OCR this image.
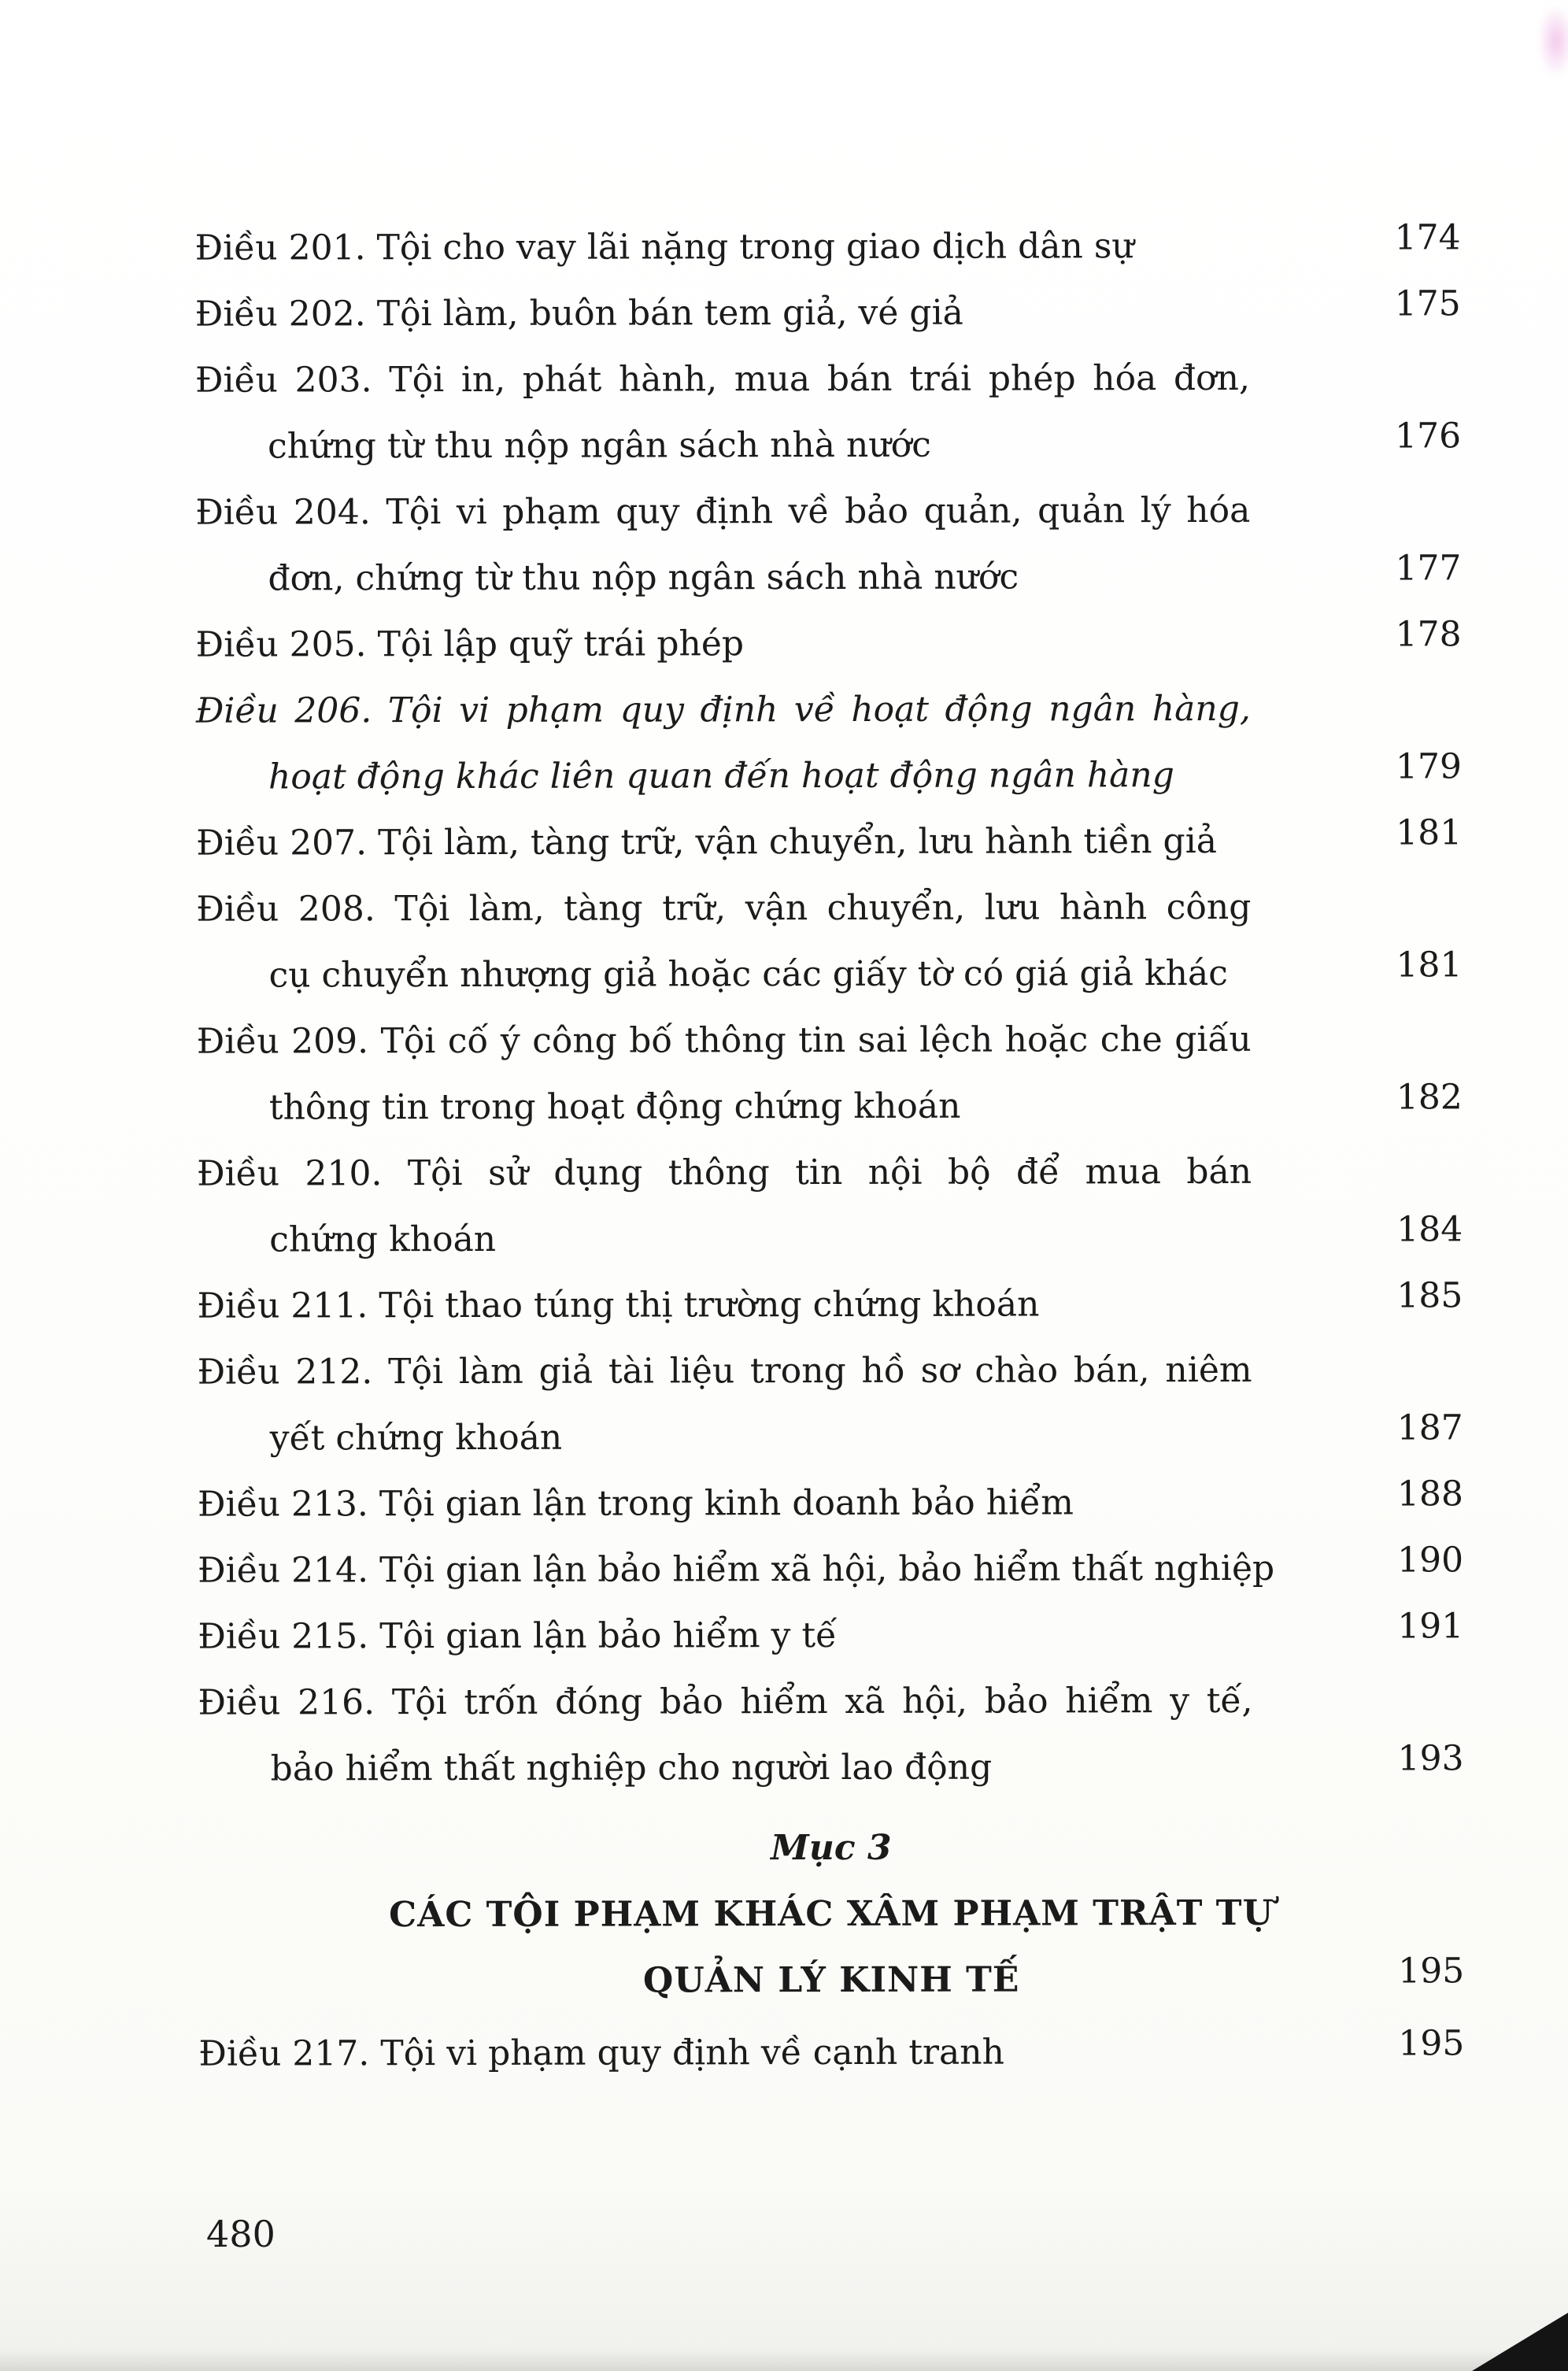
Điều 201. Tội cho vay lãi nặng trong giao dịch dân sự	174
Điều 202. Tội làm, buôn bán tem giả, vé giả	175
Điều 203. Tội in, phát hành, mua bán trái phép hóa đơn,
chứng từ thu nộp ngân sách nhà nước	176
Điều 204. Tội vi phạm quy định về bảo quản, quản lý hóa
đơn, chứng từ thu nộp ngân sách nhà nước	177
Điều 205. Tội lập quỹ trái phép	178
Điều 206. Tội vi phạm quy định về hoạt động ngân hàng,
hoạt động khác liên quan đến hoạt động ngân hàng	179
Điều 207. Tội làm, tàng trữ, vận chuyển, lưu hành tiền giả	181
Điều 208. Tội làm, tàng trữ, vận chuyển, lưu hành công
cụ chuyển nhượng giả hoặc các giấy tờ có giá giả khác	181
Điều 209. Tội cố ý công bố thông tin sai lệch hoặc che giấu
thông tin trong hoạt động chứng khoán	182
Điều 210. Tội sử dụng thông tin nội bộ để mua bán
chứng khoán	184
Điều 211. Tội thao túng thị trường chứng khoán	185
Điều 212. Tội làm giả tài liệu trong hồ sơ chào bán, niêm
yết chứng khoán	187
Điều 213. Tội gian lận trong kinh doanh bảo hiểm	188
Điều 214. Tội gian lận bảo hiểm xã hội, bảo hiểm thất nghiệp	190
Điều 215. Tội gian lận bảo hiểm y tế	191
Điều 216. Tội trốn đóng bảo hiểm xã hội, bảo hiểm y tế,
bảo hiểm thất nghiệp cho người lao động	193
Mục 3
CÁC TỘI PHẠM KHÁC XÂM PHẠM TRẬT TỰ
QUẢN LÝ KINH TẾ	195
Điều 217. Tội vi phạm quy định về cạnh tranh	195
480
